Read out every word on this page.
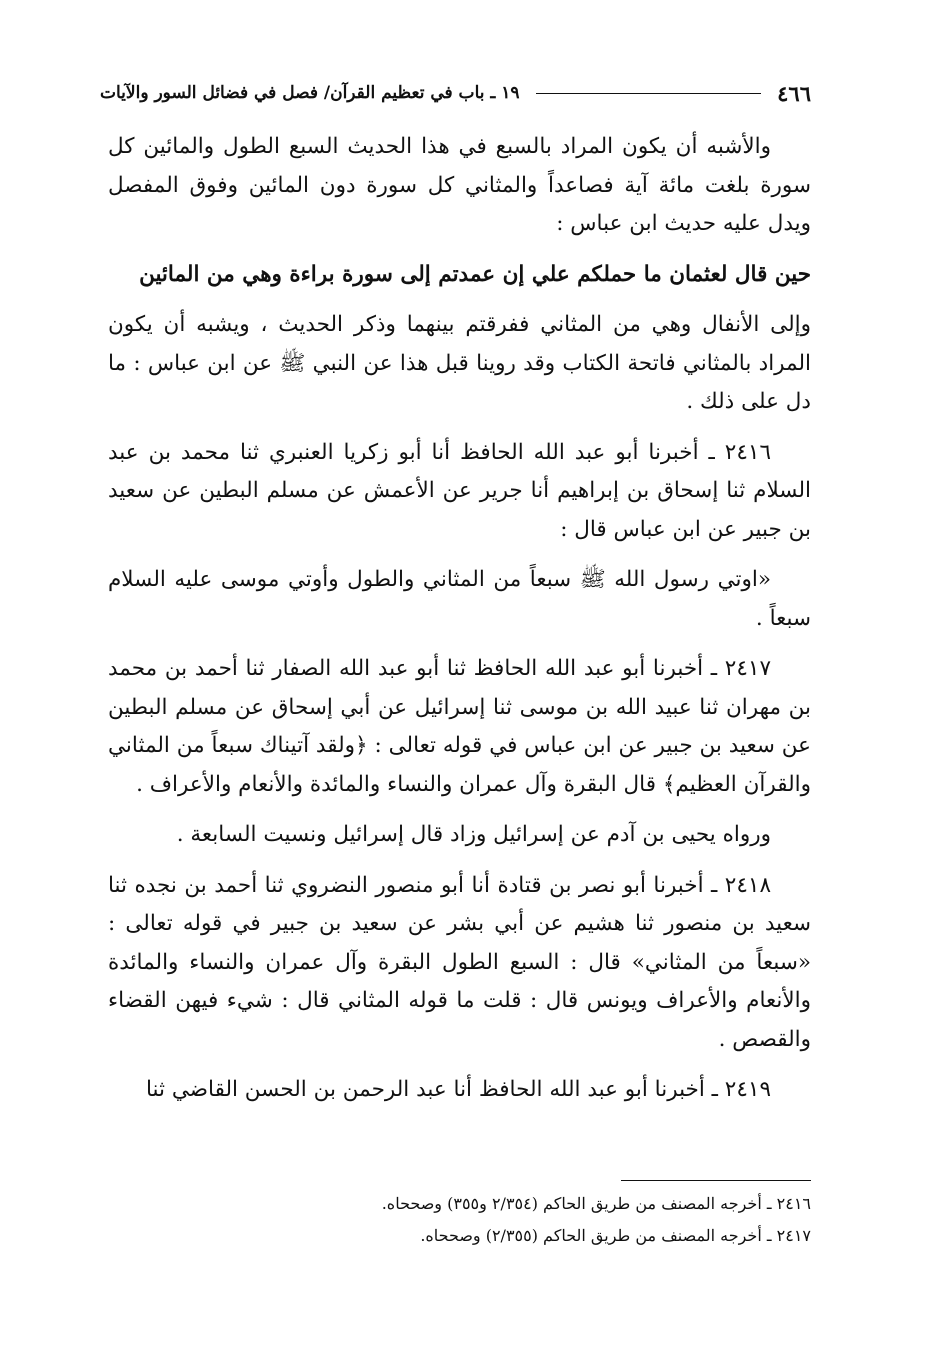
٤٦٦
١٩ ـ باب في تعظيم القرآن/ فصل في فضائل السور والآيات

والأشبه أن يكون المراد بالسبع في هذا الحديث السبع الطول والمائين كل سورة بلغت مائة آية فصاعداً والمثاني كل سورة دون المائين وفوق المفصل ويدل عليه حديث ابن عباس :

حين قال لعثمان ما حملكم علي إن عمدتم إلى سورة براءة وهي من المائين

وإلى الأنفال وهي من المثاني ففرقتم بينهما وذكر الحديث ، ويشبه أن يكون المراد بالمثاني فاتحة الكتاب وقد روينا قبل هذا عن النبي ﷺ عن ابن عباس : ما دل على ذلك .

٢٤١٦ ـ أخبرنا أبو عبد الله الحافظ أنا أبو زكريا العنبري ثنا محمد بن عبد السلام ثنا إسحاق بن إبراهيم أنا جرير عن الأعمش عن مسلم البطين عن سعيد بن جبير عن ابن عباس قال :

«اوتي رسول الله ﷺ سبعاً من المثاني والطول وأوتي موسى عليه السلام سبعاً .

٢٤١٧ ـ أخبرنا أبو عبد الله الحافظ ثنا أبو عبد الله الصفار ثنا أحمد بن محمد بن مهران ثنا عبيد الله بن موسى ثنا إسرائيل عن أبي إسحاق عن مسلم البطين عن سعيد بن جبير عن ابن عباس في قوله تعالى : ﴿ولقد آتيناك سبعاً من المثاني والقرآن العظيم﴾ قال البقرة وآل عمران والنساء والمائدة والأنعام والأعراف .

ورواه يحيى بن آدم عن إسرائيل وزاد قال إسرائيل ونسيت السابعة .

٢٤١٨ ـ أخبرنا أبو نصر بن قتادة أنا أبو منصور النضروي ثنا أحمد بن نجده ثنا سعيد بن منصور ثنا هشيم عن أبي بشر عن سعيد بن جبير في قوله تعالى : «سبعاً من المثاني» قال : السبع الطول البقرة وآل عمران والنساء والمائدة والأنعام والأعراف ويونس قال : قلت ما قوله المثاني قال : شيء فيهن القضاء والقصص .

٢٤١٩ ـ أخبرنا أبو عبد الله الحافظ أنا عبد الرحمن بن الحسن القاضي ثنا

٢٤١٦ ـ أخرجه المصنف من طريق الحاكم (٢/٣٥٤ و٣٥٥) وصححاه.

٢٤١٧ ـ أخرجه المصنف من طريق الحاكم (٢/٣٥٥) وصححاه.
